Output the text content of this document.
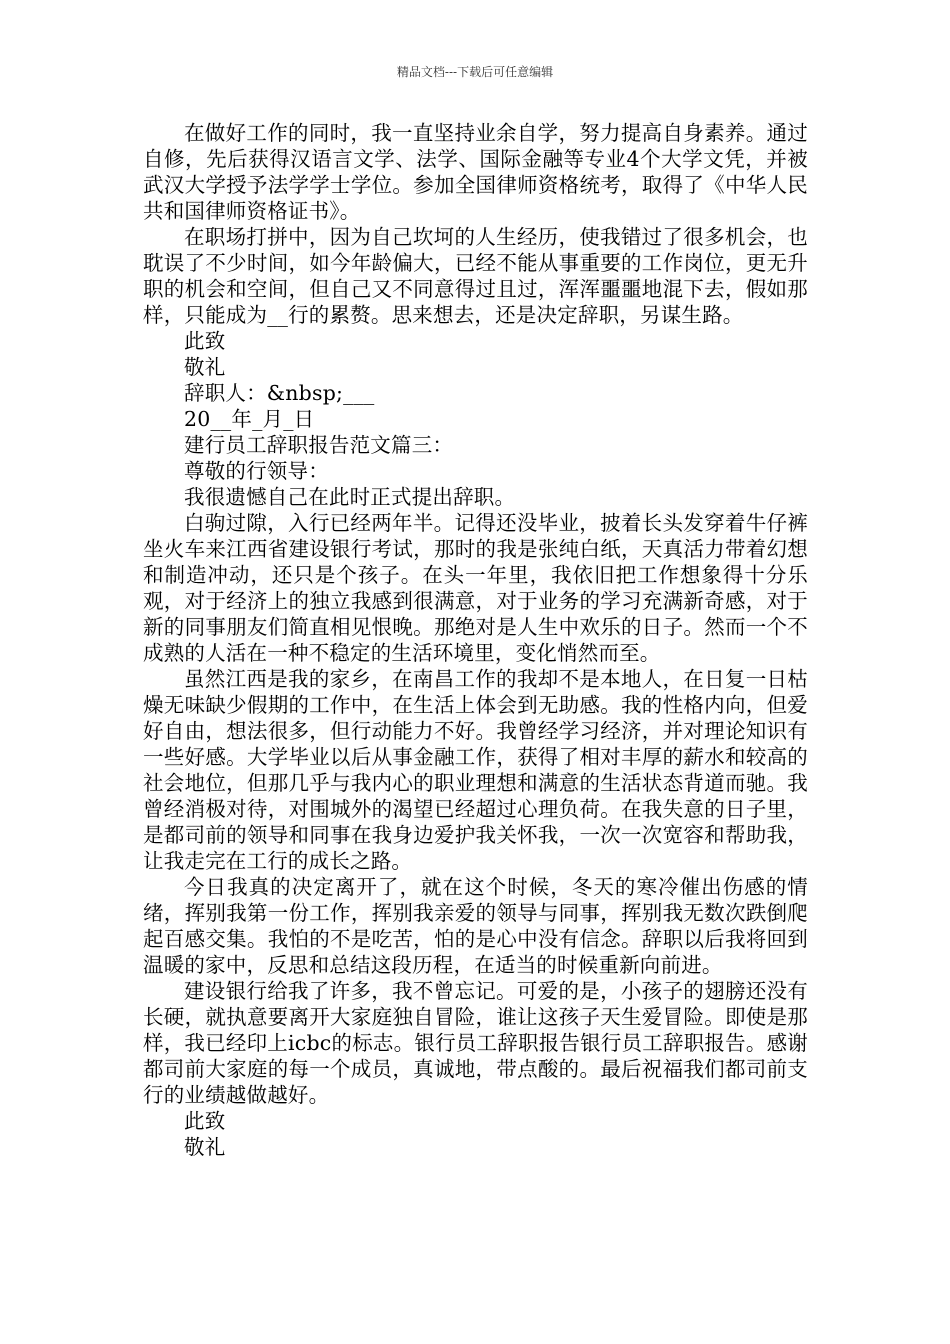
精品文档---下载后可任意编辑

在做好工作的同时，我一直坚持业余自学，努力提高自身素养。通过自修，先后获得汉语言文学、法学、国际金融等专业4个大学文凭，并被武汉大学授予法学学士学位。参加全国律师资格统考，取得了《中华人民共和国律师资格证书》。

在职场打拼中，因为自己坎坷的人生经历，使我错过了很多机会，也耽误了不少时间，如今年龄偏大，已经不能从事重要的工作岗位，更无升职的机会和空间，但自己又不同意得过且过，浑浑噩噩地混下去，假如那样，只能成为__行的累赘。思来想去，还是决定辞职，另谋生路。

此致

敬礼

辞职人：&nbsp;___

20__年_月_日

建行员工辞职报告范文篇三：

尊敬的行领导：

我很遗憾自己在此时正式提出辞职。

白驹过隙，入行已经两年半。记得还没毕业，披着长头发穿着牛仔裤坐火车来江西省建设银行考试，那时的我是张纯白纸，天真活力带着幻想和制造冲动，还只是个孩子。在头一年里，我依旧把工作想象得十分乐观，对于经济上的独立我感到很满意，对于业务的学习充满新奇感，对于新的同事朋友们简直相见恨晚。那绝对是人生中欢乐的日子。然而一个不成熟的人活在一种不稳定的生活环境里，变化悄然而至。

虽然江西是我的家乡，在南昌工作的我却不是本地人，在日复一日枯燥无味缺少假期的工作中，在生活上体会到无助感。我的性格内向，但爱好自由，想法很多，但行动能力不好。我曾经学习经济，并对理论知识有一些好感。大学毕业以后从事金融工作，获得了相对丰厚的薪水和较高的社会地位，但那几乎与我内心的职业理想和满意的生活状态背道而驰。我曾经消极对待，对围城外的渴望已经超过心理负荷。在我失意的日子里，是都司前的领导和同事在我身边爱护我关怀我，一次一次宽容和帮助我，让我走完在工行的成长之路。

今日我真的决定离开了，就在这个时候，冬天的寒冷催出伤感的情绪，挥别我第一份工作，挥别我亲爱的领导与同事，挥别我无数次跌倒爬起百感交集。我怕的不是吃苦，怕的是心中没有信念。辞职以后我将回到温暖的家中，反思和总结这段历程，在适当的时候重新向前进。

建设银行给我了许多，我不曾忘记。可爱的是，小孩子的翅膀还没有长硬，就执意要离开大家庭独自冒险，谁让这孩子天生爱冒险。即使是那样，我已经印上icbc的标志。银行员工辞职报告银行员工辞职报告。感谢都司前大家庭的每一个成员，真诚地，带点酸的。最后祝福我们都司前支行的业绩越做越好。

此致

敬礼
